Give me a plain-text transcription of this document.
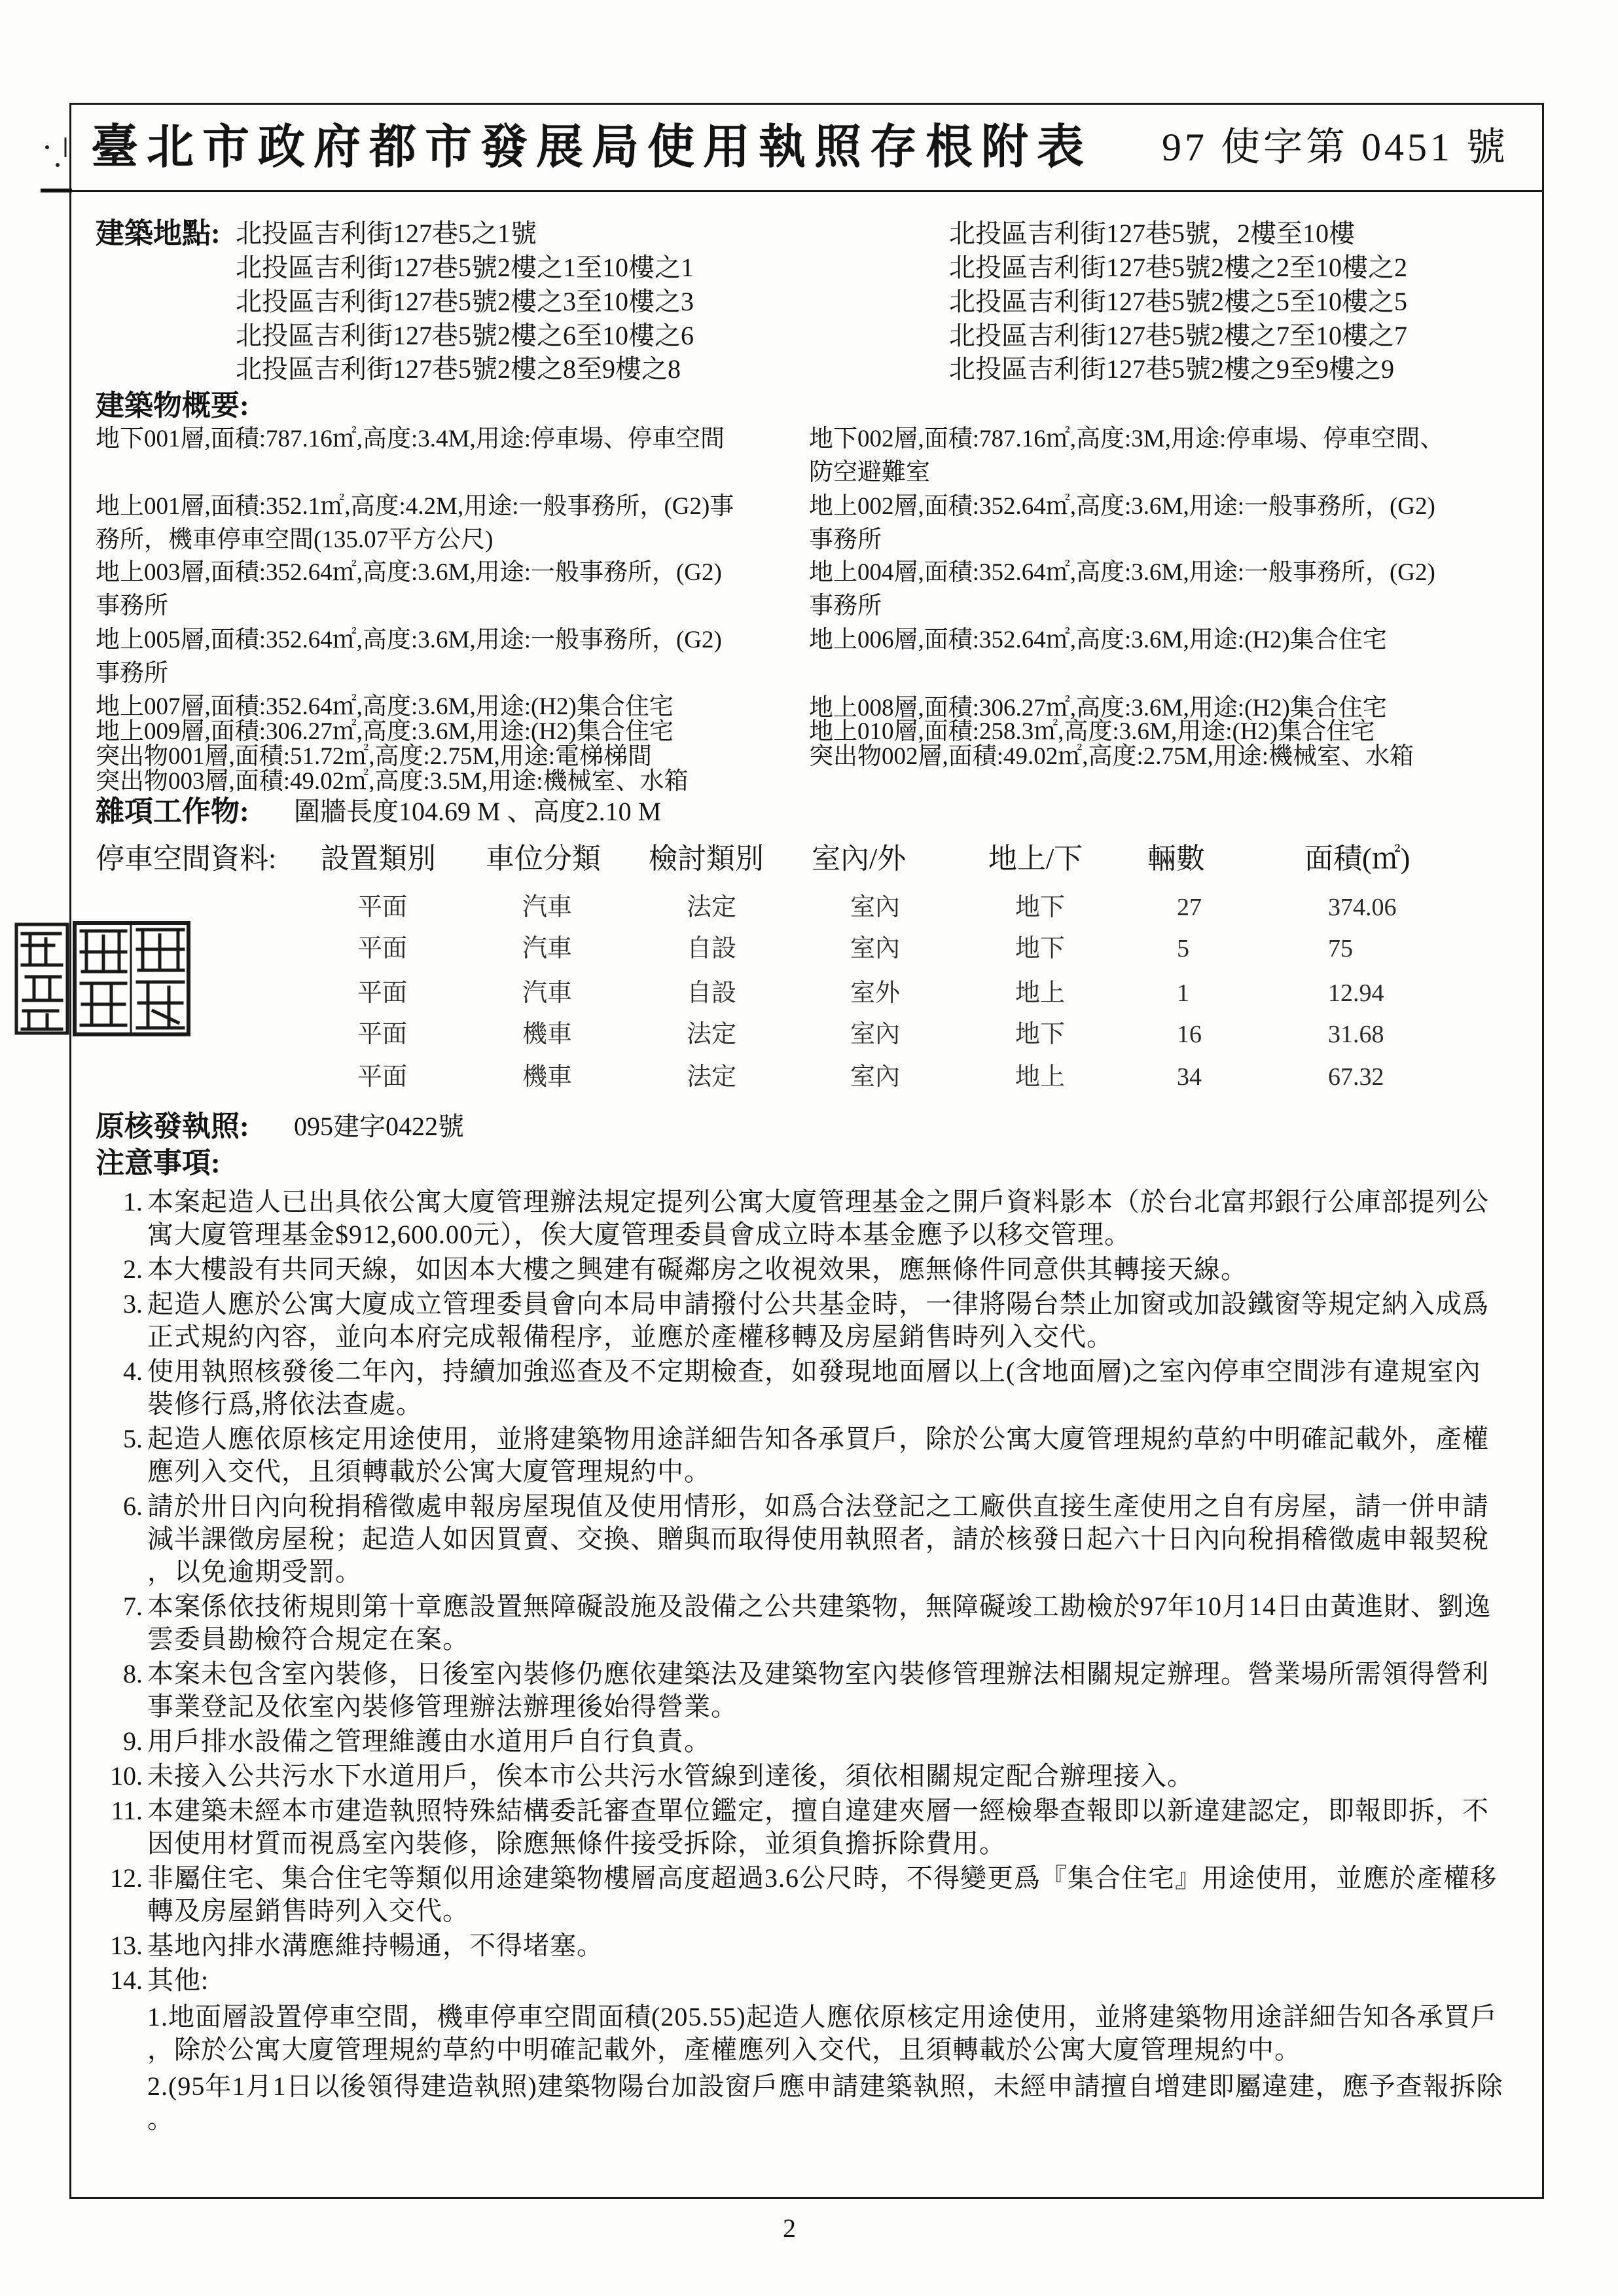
臺北市政府都市發展局使用執照存根附表 97 使字第 0451 號
建築地點:
建築物概要:
雜項工作物: 圍牆長度104.69 M 、高度2.10 M
停車空間資料:
原核發執照: 095建字0422號
注意事項:
1. 本案起造人已出具依公寓大廈管理辦法規定提列公寓大廈管理基金之開戶資料影本（於台北富邦銀行公庫部提列公
寓大廈管理基金$912,600.00元），俟大廈管理委員會成立時本基金應予以移交管理。
2. 本大樓設有共同天線，如因本大樓之興建有礙鄰房之收視效果，應無條件同意供其轉接天線。
3. 起造人應於公寓大廈成立管理委員會向本局申請撥付公共基金時，一律將陽台禁止加窗或加設鐵窗等規定納入成爲
正式規約內容，並向本府完成報備程序，並應於產權移轉及房屋銷售時列入交代。
4. 使用執照核發後二年內，持續加強巡查及不定期檢查，如發現地面層以上(含地面層)之室內停車空間涉有違規室內
裝修行爲,將依法查處。
5. 起造人應依原核定用途使用，並將建築物用途詳細告知各承買戶，除於公寓大廈管理規約草約中明確記載外，產權
應列入交代，且須轉載於公寓大廈管理規約中。
6. 請於卅日內向稅捐稽徵處申報房屋現值及使用情形，如爲合法登記之工廠供直接生產使用之自有房屋，請一併申請
減半課徵房屋稅；起造人如因買賣、交換、贈與而取得使用執照者，請於核發日起六十日內向稅捐稽徵處申報契稅
，以免逾期受罰。
7. 本案係依技術規則第十章應設置無障礙設施及設備之公共建築物，無障礙竣工勘檢於97年10月14日由黃進財、劉逸
雲委員勘檢符合規定在案。
8. 本案未包含室內裝修，日後室內裝修仍應依建築法及建築物室內裝修管理辦法相關規定辦理。營業場所需領得營利
事業登記及依室內裝修管理辦法辦理後始得營業。
9. 用戶排水設備之管理維護由水道用戶自行負責。
10. 未接入公共污水下水道用戶，俟本市公共污水管線到達後，須依相關規定配合辦理接入。
11. 本建築未經本市建造執照特殊結構委託審查單位鑑定，擅自違建夾層一經檢舉查報即以新違建認定，即報即拆，不
因使用材質而視爲室內裝修，除應無條件接受拆除，並須負擔拆除費用。
12. 非屬住宅、集合住宅等類似用途建築物樓層高度超過3.6公尺時，不得變更爲『集合住宅』用途使用，並應於產權移
轉及房屋銷售時列入交代。
13. 基地內排水溝應維持暢通，不得堵塞。
14. 其他:
1.地面層設置停車空間，機車停車空間面積(205.55)起造人應依原核定用途使用，並將建築物用途詳細告知各承買戶
，除於公寓大廈管理規約草約中明確記載外，產權應列入交代，且須轉載於公寓大廈管理規約中。
2.(95年1月1日以後領得建造執照)建築物陽台加設窗戶應申請建築執照，未經申請擅自增建即屬違建，應予查報拆除
。
2
北投區吉利街127巷5之1號
北投區吉利街127巷5號2樓之1至10樓之1
北投區吉利街127巷5號2樓之3至10樓之3
北投區吉利街127巷5號2樓之6至10樓之6
北投區吉利街127巷5號2樓之8至9樓之8
北投區吉利街127巷5號，2樓至10樓
北投區吉利街127巷5號2樓之2至10樓之2
北投區吉利街127巷5號2樓之5至10樓之5
北投區吉利街127巷5號2樓之7至10樓之7
北投區吉利街127巷5號2樓之9至9樓之9
地下001層,面積:787.16㎡,高度:3.4M,用途:停車場、停車空間
地上001層,面積:352.1㎡,高度:4.2M,用途:一般事務所，(G2)事
務所，機車停車空間(135.07平方公尺)
地上003層,面積:352.64㎡,高度:3.6M,用途:一般事務所，(G2)
事務所
地上005層,面積:352.64㎡,高度:3.6M,用途:一般事務所，(G2)
事務所
地上007層,面積:352.64㎡,高度:3.6M,用途:(H2)集合住宅
地上009層,面積:306.27㎡,高度:3.6M,用途:(H2)集合住宅
突出物001層,面積:51.72㎡,高度:2.75M,用途:電梯梯間
突出物003層,面積:49.02㎡,高度:3.5M,用途:機械室、水箱
地下002層,面積:787.16㎡,高度:3M,用途:停車場、停車空間、
防空避難室
地上002層,面積:352.64㎡,高度:3.6M,用途:一般事務所，(G2)
事務所
地上004層,面積:352.64㎡,高度:3.6M,用途:一般事務所，(G2)
事務所
地上006層,面積:352.64㎡,高度:3.6M,用途:(H2)集合住宅
地上008層,面積:306.27㎡,高度:3.6M,用途:(H2)集合住宅
地上010層,面積:258.3㎡,高度:3.6M,用途:(H2)集合住宅
突出物002層,面積:49.02㎡,高度:2.75M,用途:機械室、水箱
設置類別 車位分類 檢討類別 室內/外	地上/下 輛數	面積(㎡)
平面	汽車	法定	室內	地下	27	374.06
平面	汽車	自設	室內	地下	5	75
平面	汽車	自設	室外	地上	1	12.94
平面	機車	法定	室內	地下	16	31.68
平面	機車	法定	室內	地上	34	67.32
